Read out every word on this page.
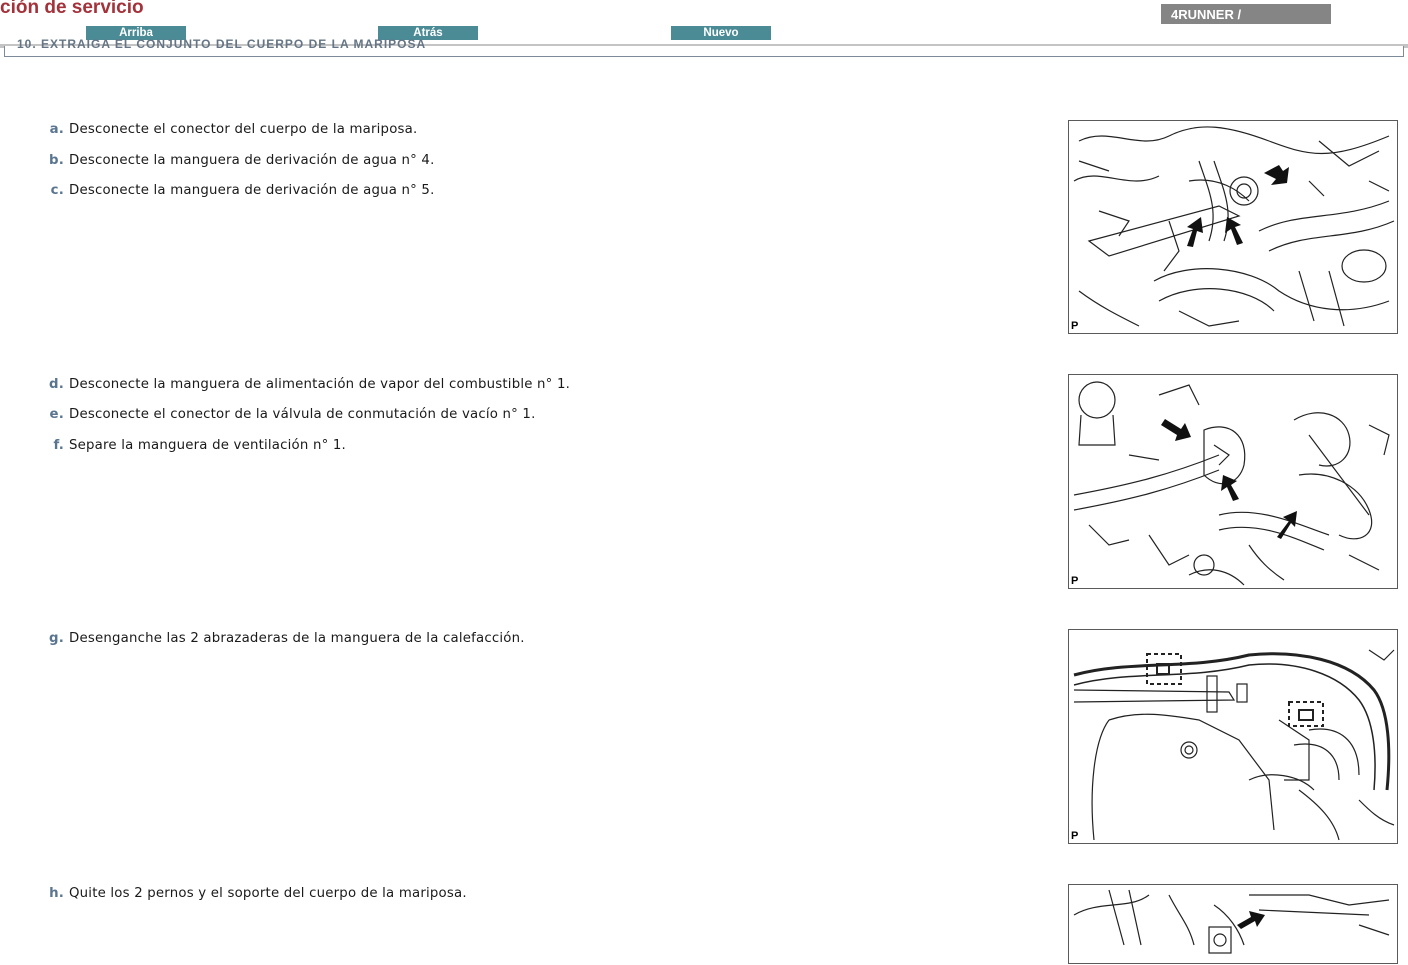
ción de servicio
Arriba	Atrás	Nuevo
4RUNNER /
10. EXTRAIGA EL CONJUNTO DEL CUERPO DE LA MARIPOSA
a. Desconecte el conector del cuerpo de la mariposa.
b. Desconecte la manguera de derivación de agua n° 4.
c. Desconecte la manguera de derivación de agua n° 5.
d. Desconecte la manguera de alimentación de vapor del combustible n° 1.
e. Desconecte el conector de la válvula de conmutación de vacío n° 1.
f. Separe la manguera de ventilación n° 1.
g. Desenganche las 2 abrazaderas de la manguera de la calefacción.
h. Quite los 2 pernos y el soporte del cuerpo de la mariposa.
P
P
P
